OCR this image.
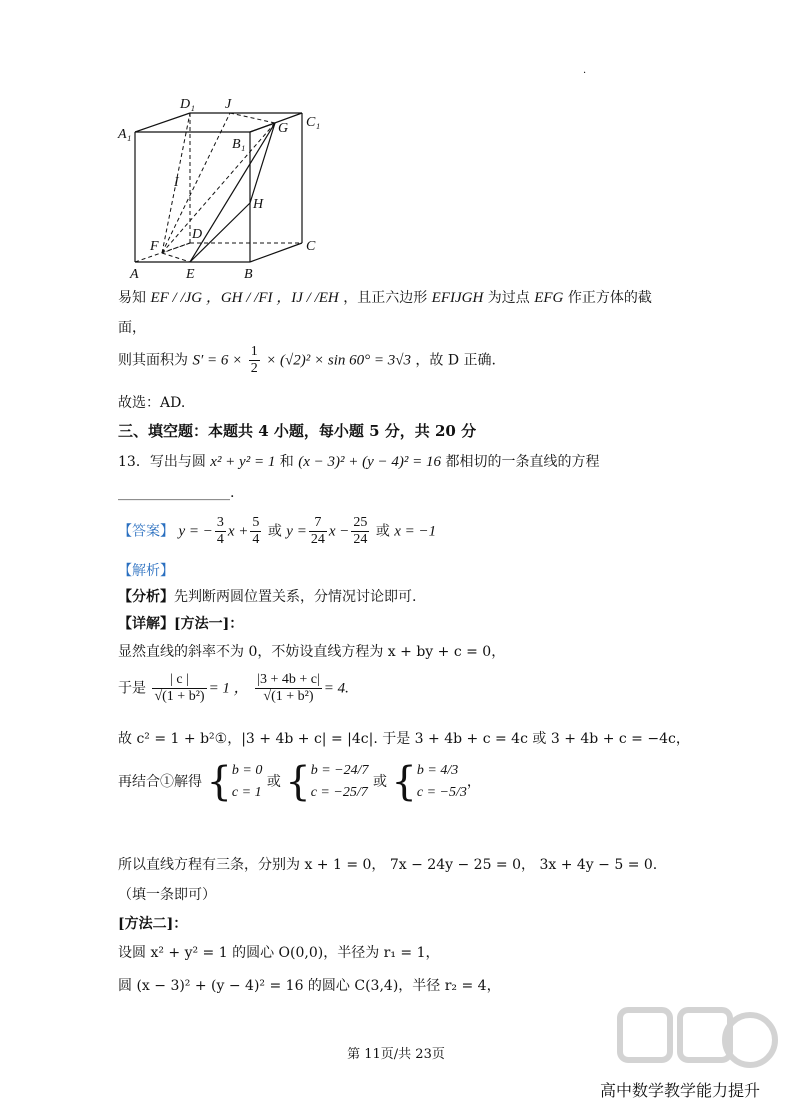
·
D₁ J
C₁
A₁	G
B₁
I
H
F
D
C
A	E	B
易知 EF / /JG ，GH / /FI ，IJ / /EH ，且正六边形 EFIJGH 为过点 EFG 作正方体的截
面，
则其面积为 $S' = 6 \times \frac{1}{2} \times (√2)^2 \times \sin 60^\circ = 3√3$ ，故 D 正确.
故选：AD.
三、填空题：本题共 4 小题，每小题 5 分，共 20 分
13．写出与圆 x² + y² = 1 和 (x − 3)² + (y − 4)² = 16 都相切的一条直线的方程
________________.
【答案】 y = − $\frac{3}{4}$ $x + \frac{5}{4}$ 或 $y = \frac{7}{24}$ $x - \frac{25}{24}$ 或 x = −1
【解析】
【分析】先判断两圆位置关系，分情况讨论即可.
【详解】[方法一]：
显然直线的斜率不为 0，不妨设直线方程为 x + by + c = 0，
于是 $\frac{| c |}{\text{√(1 + b²)}} = 1$ ， $\frac{|3 + 4b + c|}{\text{√(1 + b²)}} = 4$.
故 c² = 1 + b²①，|3 + 4b + c| = |4c|. 于是 3 + 4b + c = 4c 或 3 + 4b + c = −4c，
再结合①解得 {b = 0
c = 1 或 {b = −24/7
c = −25/7 或 {b = 4/3
c = −5/3，
所以直线方程有三条，分别为 x + 1 = 0， 7x − 24y − 25 = 0， 3x + 4y − 5 = 0.
（填一条即可）
[方法二]：
设圆 x² + y² = 1 的圆心 O(0,0)，半径为 r₁ = 1，
圆 (x − 3)² + (y − 4)² = 16 的圆心 C(3,4)，半径 r₂ = 4，
第 11页/共 23页
高中数学教学能力提升
